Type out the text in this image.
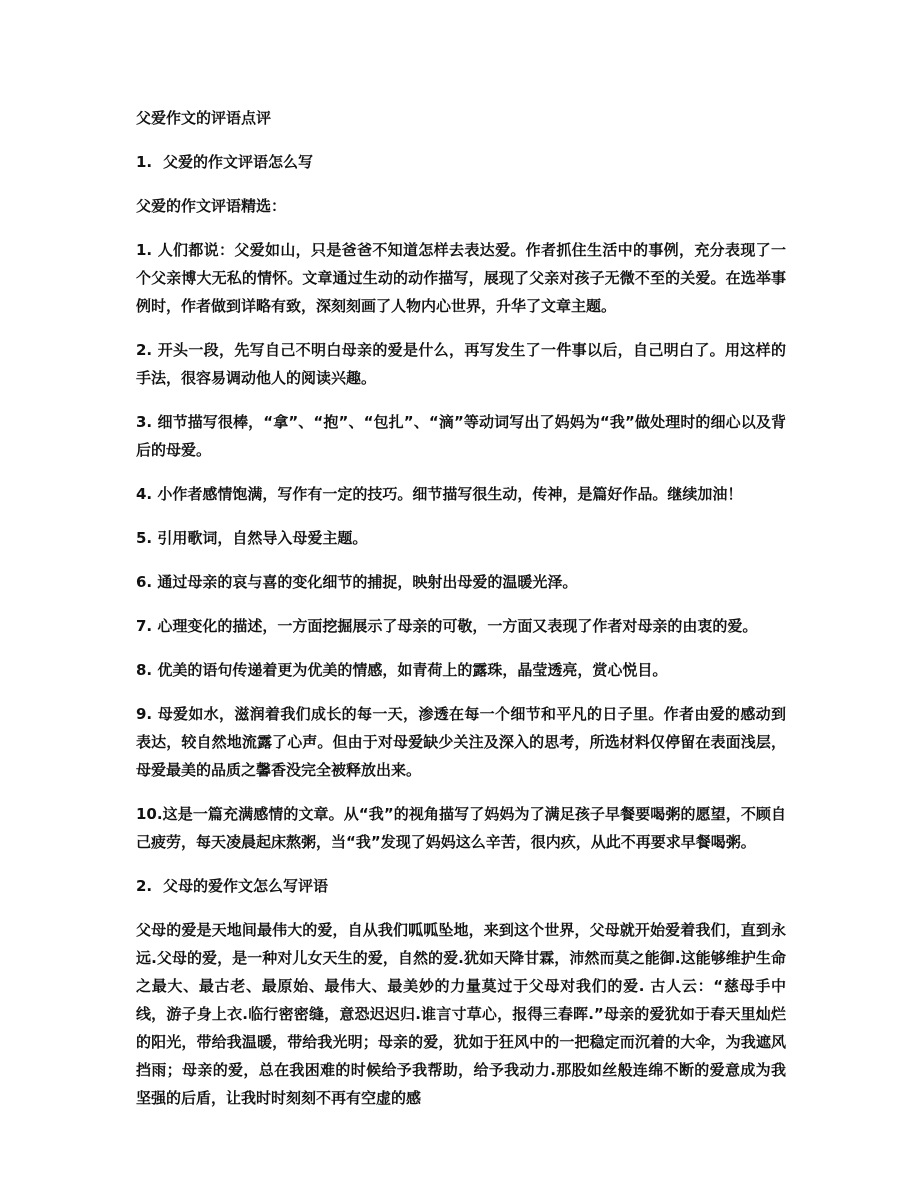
父爱作文的评语点评
1. 父爱的作文评语怎么写
父爱的作文评语精选：
1. 人们都说：父爱如山，只是爸爸不知道怎样去表达爱。作者抓住生活中的事例，充分表现了一个父亲博大无私的情怀。文章通过生动的动作描写，展现了父亲对孩子无微不至的关爱。在选举事例时，作者做到详略有致，深刻刻画了人物内心世界，升华了文章主题。
2. 开头一段，先写自己不明白母亲的爱是什么，再写发生了一件事以后，自己明白了。用这样的手法，很容易调动他人的阅读兴趣。
3. 细节描写很棒，“拿”、“抱”、“包扎”、“滴”等动词写出了妈妈为“我”做处理时的细心以及背后的母爱。
4. 小作者感情饱满，写作有一定的技巧。细节描写很生动，传神，是篇好作品。继续加油！
5. 引用歌词，自然导入母爱主题。
6. 通过母亲的哀与喜的变化细节的捕捉，映射出母爱的温暖光泽。
7. 心理变化的描述，一方面挖掘展示了母亲的可敬，一方面又表现了作者对母亲的由衷的爱。
8. 优美的语句传递着更为优美的情感，如青荷上的露珠，晶莹透亮，赏心悦目。
9. 母爱如水，滋润着我们成长的每一天，渗透在每一个细节和平凡的日子里。作者由爱的感动到表达，较自然地流露了心声。但由于对母爱缺少关注及深入的思考，所选材料仅停留在表面浅层，母爱最美的品质之馨香没完全被释放出来。
10.这是一篇充满感情的文章。从“我”的视角描写了妈妈为了满足孩子早餐要喝粥的愿望，不顾自己疲劳，每天凌晨起床熬粥，当“我”发现了妈妈这么辛苦，很内疚，从此不再要求早餐喝粥。
2. 父母的爱作文怎么写评语
父母的爱是天地间最伟大的爱，自从我们呱呱坠地，来到这个世界，父母就开始爱着我们，直到永远.父母的爱，是一种对儿女天生的爱，自然的爱.犹如天降甘霖，沛然而莫之能御.这能够维护生命之最大、最古老、最原始、最伟大、最美妙的力量莫过于父母对我们的爱. 古人云：“慈母手中线，游子身上衣.临行密密缝，意恐迟迟归.谁言寸草心，报得三春晖.”母亲的爱犹如于春天里灿烂的阳光，带给我温暖，带给我光明；母亲的爱，犹如于狂风中的一把稳定而沉着的大伞，为我遮风挡雨；母亲的爱，总在我困难的时候给予我帮助，给予我动力.那股如丝般连绵不断的爱意成为我坚强的后盾，让我时时刻刻不再有空虚的感
